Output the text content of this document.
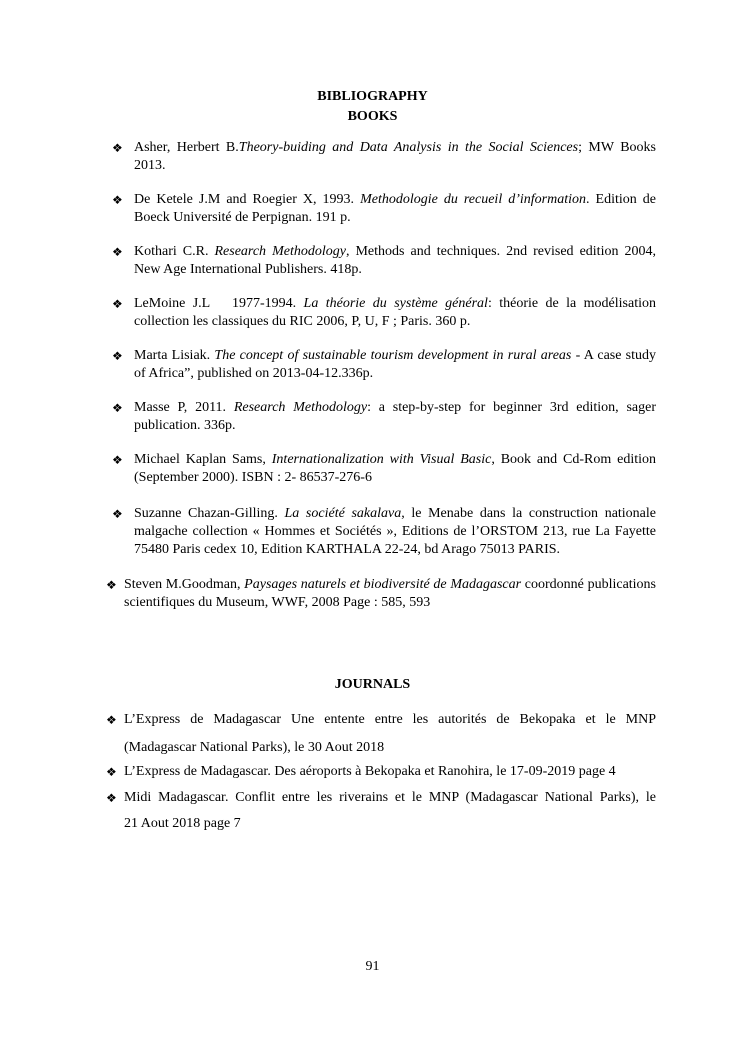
BIBLIOGRAPHY
BOOKS
❖ Asher, Herbert B.Theory-buiding and Data Analysis in the Social Sciences; MW Books 2013.

❖ De Ketele J.M and Roegier X, 1993. Methodologie du recueil d’information. Edition de Boeck Université de Perpignan. 191 p.

❖ Kothari C.R. Research Methodology, Methods and techniques. 2nd revised edition 2004, New Age International Publishers. 418p.

❖ LeMoine J.L   1977-1994. La théorie du système général: théorie de la modélisation collection les classiques du RIC 2006, P, U, F ; Paris. 360 p.

❖ Marta Lisiak. The concept of sustainable tourism development in rural areas - A case study of Africa”, published on 2013-04-12.336p.

❖ Masse P, 2011. Research Methodology: a step-by-step for beginner 3rd edition, sager publication. 336p.

❖ Michael Kaplan Sams, Internationalization with Visual Basic, Book and Cd-Rom edition (September 2000). ISBN : 2- 86537-276-6

❖ Suzanne Chazan-Gilling. La société sakalava, le Menabe dans la construction nationale malgache collection « Hommes et Sociétés », Editions de l’ORSTOM 213, rue La Fayette 75480 Paris cedex 10, Edition KARTHALA 22-24, bd Arago 75013 PARIS.

❖ Steven M.Goodman, Paysages naturels et biodiversité de Madagascar coordonné publications scientifiques du Museum, WWF, 2008 Page : 585, 593

JOURNALS
❖ L’Express de Madagascar Une entente entre les autorités de Bekopaka et le MNP
(Madagascar National Parks), le 30 Aout 2018
❖ L’Express de Madagascar. Des aéroports à Bekopaka et Ranohira, le 17-09-2019 page 4
❖ Midi Madagascar. Conflit entre les riverains et le MNP (Madagascar National Parks), le
21 Aout 2018 page 7
91
